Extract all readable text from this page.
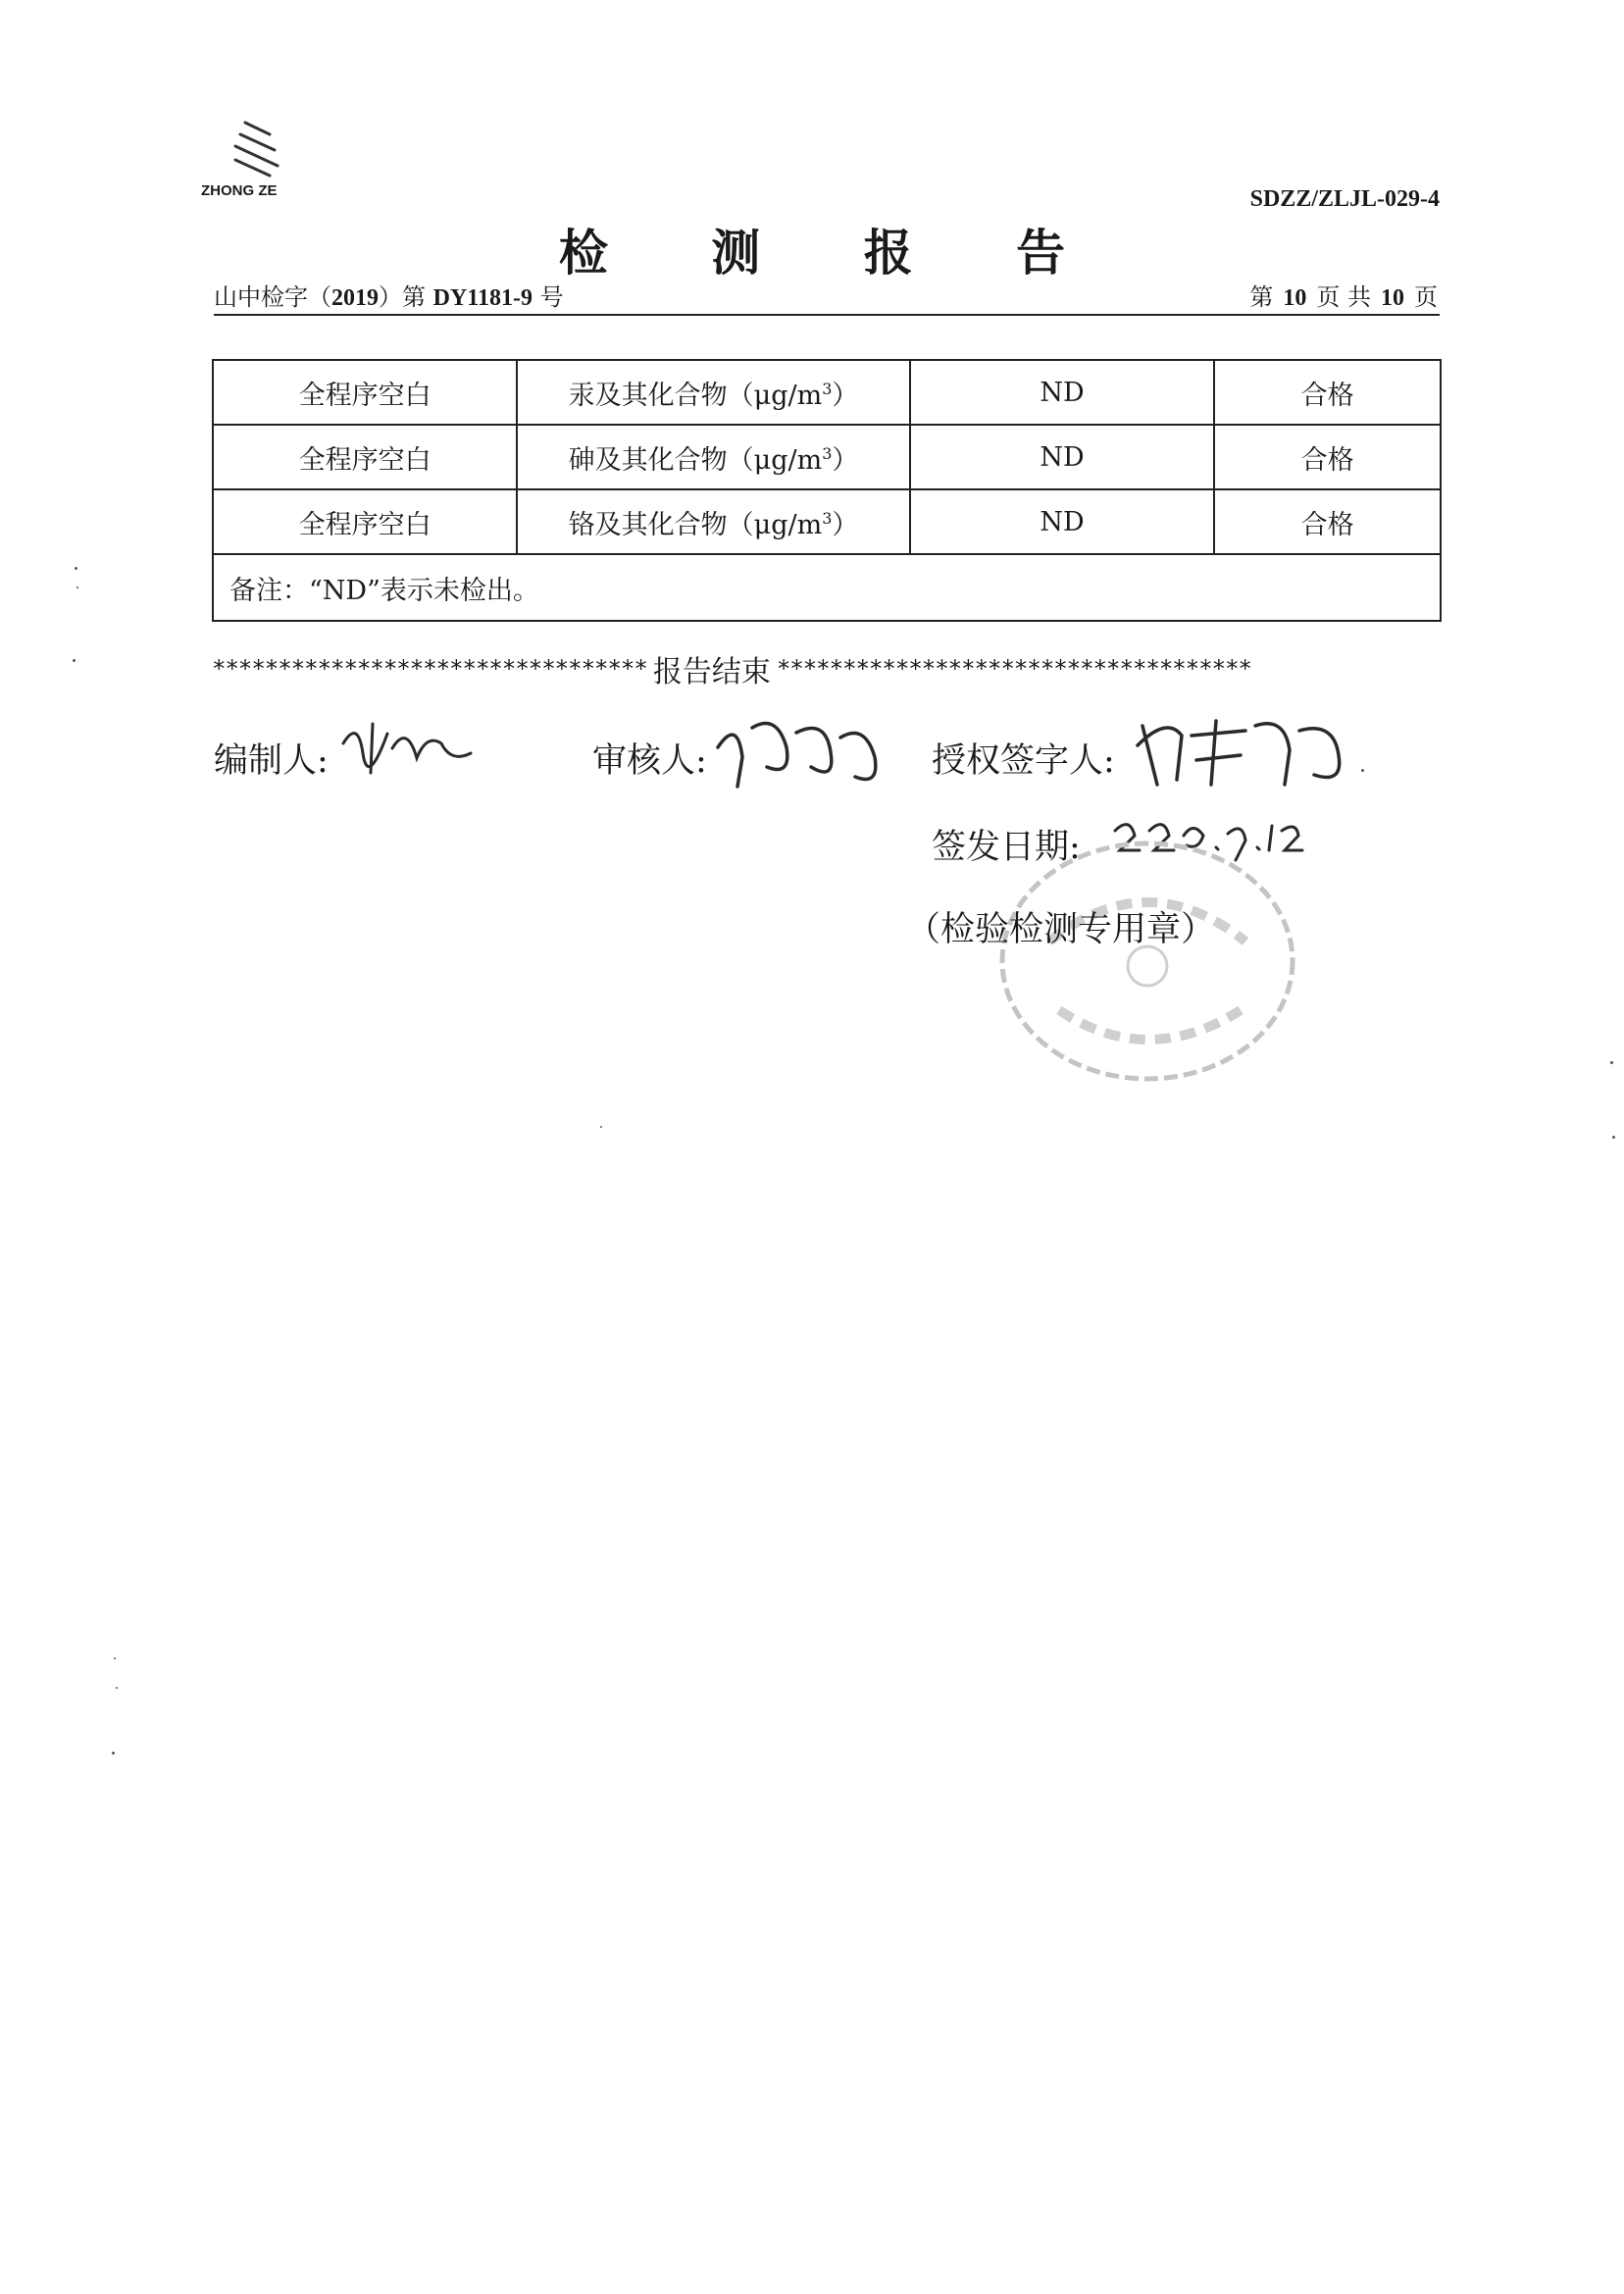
ZHONG ZE	SDZZ/ZLJL-029-4
检 测 报 告
山中检字（2019）第 DY1181-9 号	第 10 页 共 10 页
全程序空白	汞及其化合物$(\mu g/m^3)$	ND	合格
全程序空白	砷及其化合物$(\mu g/m^3)$	ND	合格
全程序空白	铬及其化合物$(\mu g/m^3)$	ND	合格
备注：“ND”表示未检出。			
********************************* 报告结束 ************************************
编制人:	审核人:	授权签字人:
签发日期:
（检验检测专用章）
